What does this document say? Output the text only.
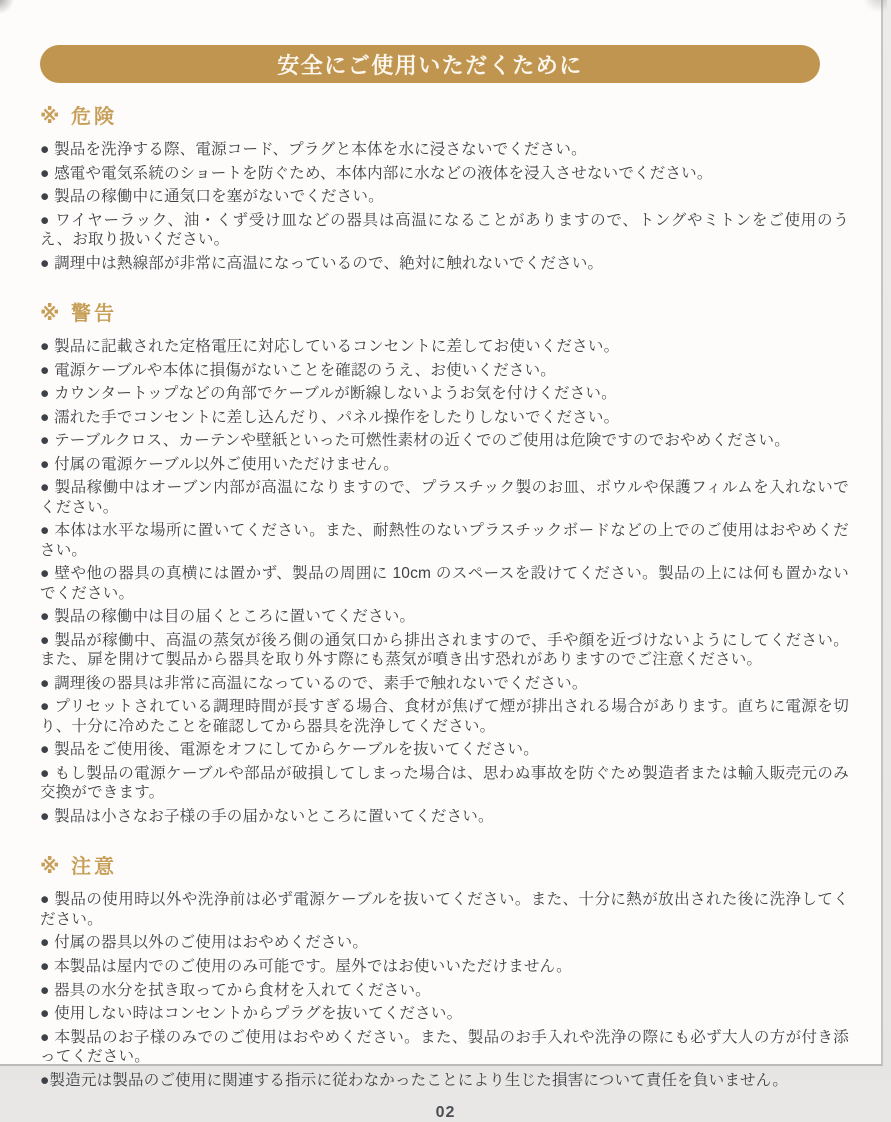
安全にご使用いただくために
※ 危険

● 製品を洗浄する際、電源コード、プラグと本体を水に浸さないでください。

● 感電や電気系統のショートを防ぐため、本体内部に水などの液体を浸入させないでください。

● 製品の稼働中に通気口を塞がないでください。

● ワイヤーラック、油・くず受け皿などの器具は高温になることがありますので、トングやミトンをご使用のうえ、お取り扱いください。

● 調理中は熱線部が非常に高温になっているので、絶対に触れないでください。

※ 警告

● 製品に記載された定格電圧に対応しているコンセントに差してお使いください。

● 電源ケーブルや本体に損傷がないことを確認のうえ、お使いください。

● カウンタートップなどの角部でケーブルが断線しないようお気を付けください。

● 濡れた手でコンセントに差し込んだり、パネル操作をしたりしないでください。

● テーブルクロス、カーテンや壁紙といった可燃性素材の近くでのご使用は危険ですのでおやめください。

● 付属の電源ケーブル以外ご使用いただけません。

● 製品稼働中はオーブン内部が高温になりますので、プラスチック製のお皿、ボウルや保護フィルムを入れないでください。

● 本体は水平な場所に置いてください。また、耐熱性のないプラスチックボードなどの上でのご使用はおやめください。

● 壁や他の器具の真横には置かず、製品の周囲に 10cm のスペースを設けてください。製品の上には何も置かないでください。

● 製品の稼働中は目の届くところに置いてください。

● 製品が稼働中、高温の蒸気が後ろ側の通気口から排出されますので、手や顔を近づけないようにしてください。また、扉を開けて製品から器具を取り外す際にも蒸気が噴き出す恐れがありますのでご注意ください。

● 調理後の器具は非常に高温になっているので、素手で触れないでください。

● プリセットされている調理時間が長すぎる場合、食材が焦げて煙が排出される場合があります。直ちに電源を切り、十分に冷めたことを確認してから器具を洗浄してください。

● 製品をご使用後、電源をオフにしてからケーブルを抜いてください。

● もし製品の電源ケーブルや部品が破損してしまった場合は、思わぬ事故を防ぐため製造者または輸入販売元のみ交換ができます。

● 製品は小さなお子様の手の届かないところに置いてください。

※ 注意

● 製品の使用時以外や洗浄前は必ず電源ケーブルを抜いてください。また、十分に熱が放出された後に洗浄してください。

● 付属の器具以外のご使用はおやめください。

● 本製品は屋内でのご使用のみ可能です。屋外ではお使いいただけません。

● 器具の水分を拭き取ってから食材を入れてください。

● 使用しない時はコンセントからプラグを抜いてください。

● 本製品のお子様のみでのご使用はおやめください。また、製品のお手入れや洗浄の際にも必ず大人の方が付き添ってください。

●製造元は製品のご使用に関連する指示に従わなかったことにより生じた損害について責任を負いません。

02
